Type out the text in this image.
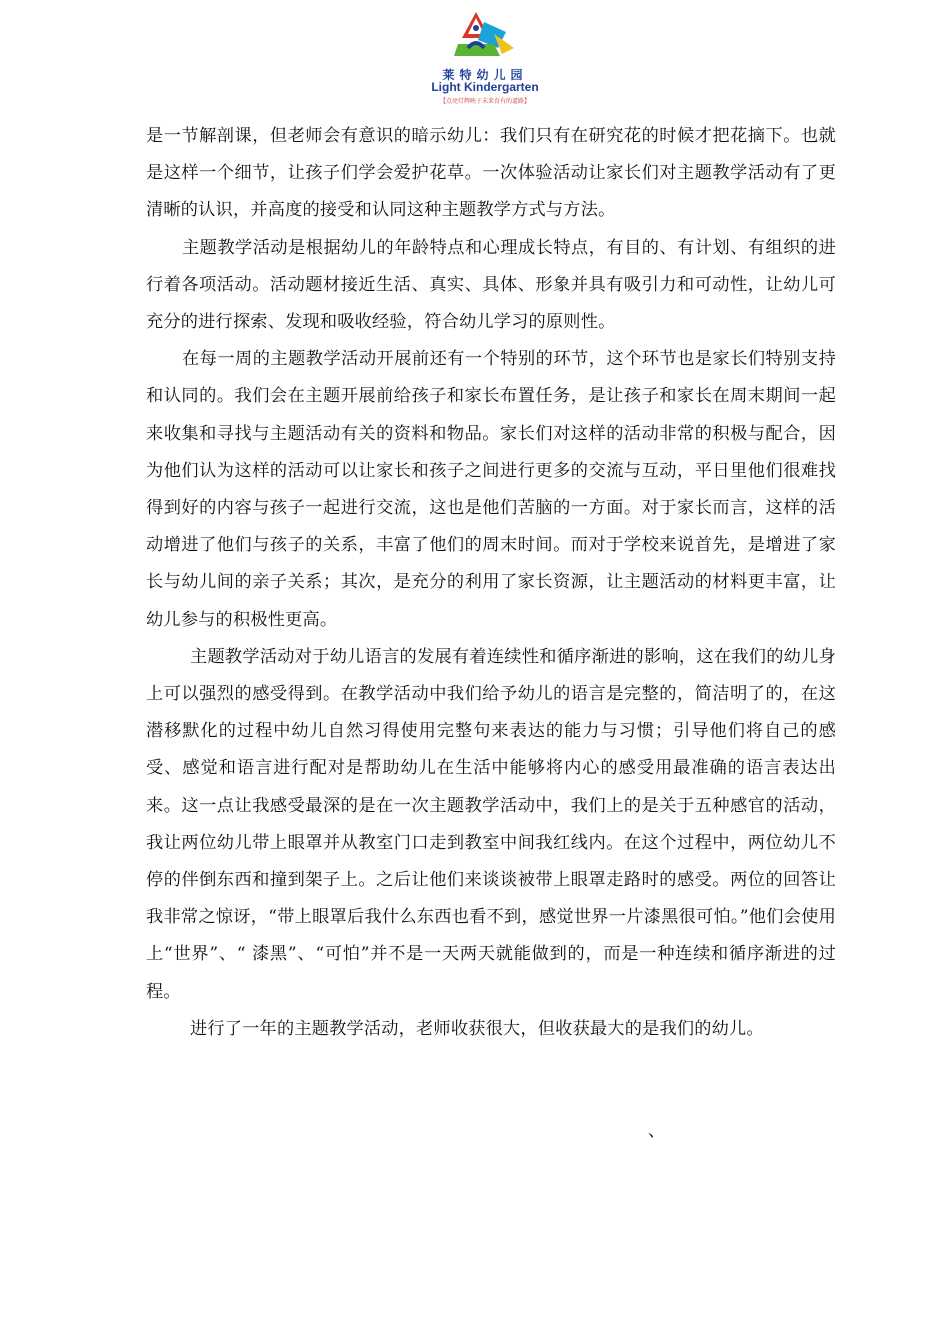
莱特幼儿园
Light Kindergarten
【点亮灯辉映于未来育有的道路】

是一节解剖课，但老师会有意识的暗示幼儿：我们只有在研究花的时候才把花摘下。也就是这样一个细节，让孩子们学会爱护花草。一次体验活动让家长们对主题教学活动有了更清晰的认识，并高度的接受和认同这种主题教学方式与方法。

主题教学活动是根据幼儿的年龄特点和心理成长特点，有目的、有计划、有组织的进行着各项活动。活动题材接近生活、真实、具体、形象并具有吸引力和可动性，让幼儿可充分的进行探索、发现和吸收经验，符合幼儿学习的原则性。

在每一周的主题教学活动开展前还有一个特别的环节，这个环节也是家长们特别支持和认同的。我们会在主题开展前给孩子和家长布置任务，是让孩子和家长在周末期间一起来收集和寻找与主题活动有关的资料和物品。家长们对这样的活动非常的积极与配合，因为他们认为这样的活动可以让家长和孩子之间进行更多的交流与互动，平日里他们很难找得到好的内容与孩子一起进行交流，这也是他们苦脑的一方面。对于家长而言，这样的活动增进了他们与孩子的关系，丰富了他们的周末时间。而对于学校来说首先，是增进了家长与幼儿间的亲子关系；其次，是充分的利用了家长资源，让主题活动的材料更丰富，让幼儿参与的积极性更高。

主题教学活动对于幼儿语言的发展有着连续性和循序渐进的影响，这在我们的幼儿身上可以强烈的感受得到。在教学活动中我们给予幼儿的语言是完整的，简洁明了的，在这潜移默化的过程中幼儿自然习得使用完整句来表达的能力与习惯；引导他们将自己的感受、感觉和语言进行配对是帮助幼儿在生活中能够将内心的感受用最准确的语言表达出来。这一点让我感受最深的是在一次主题教学活动中，我们上的是关于五种感官的活动，我让两位幼儿带上眼罩并从教室门口走到教室中间我红线内。在这个过程中，两位幼儿不停的伴倒东西和撞到架子上。之后让他们来谈谈被带上眼罩走路时的感受。两位的回答让我非常之惊讶，“带上眼罩后我什么东西也看不到，感觉世界一片漆黑很可怕。”他们会使用上“世界”、“ 漆黑”、“可怕”并不是一天两天就能做到的，而是一种连续和循序渐进的过程。

进行了一年的主题教学活动，老师收获很大，但收获最大的是我们的幼儿。

、
